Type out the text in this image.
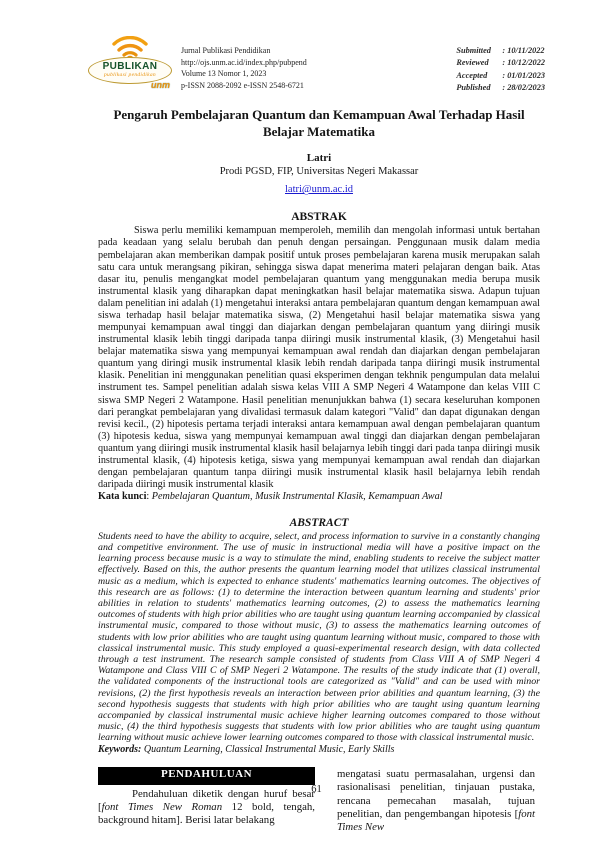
PUBLIKAN
publikasi pendidikan
unm
Jurnal Publikasi Pendidikan
http://ojs.unm.ac.id/index.php/pubpend
Volume 13 Nomor 1, 2023
p-ISSN 2088-2092 e-ISSN 2548-6721
Submitted	: 10/11/2022
Reviewed	: 10/12/2022
Accepted	: 01/01/2023
Published	: 28/02/2023
Pengaruh Pembelajaran Quantum dan Kemampuan Awal Terhadap Hasil Belajar Matematika
Latri
Prodi PGSD, FIP, Universitas Negeri Makassar
latri@unm.ac.id
ABSTRAK
Siswa perlu memiliki kemampuan memperoleh, memilih dan mengolah informasi untuk bertahan pada keadaan yang selalu berubah dan penuh dengan persaingan. Penggunaan musik dalam media pembelajaran akan memberikan dampak positif untuk proses pembelajaran karena musik merupakan salah satu cara untuk merangsang pikiran, sehingga siswa dapat menerima materi pelajaran dengan baik. Atas dasar itu, penulis mengangkat model pembelajaran quantum yang menggunakan media berupa musik instrumental klasik yang diharapkan dapat meningkatkan hasil belajar matematika siswa. Adapun tujuan dalam penelitian ini adalah (1) mengetahui interaksi antara pembelajaran quantum dengan kemampuan awal siswa terhadap hasil belajar matematika siswa, (2) Mengetahui hasil belajar matematika siswa yang mempunyai kemampuan awal tinggi dan diajarkan dengan pembelajaran quantum yang diiringi musik instrumental klasik lebih tinggi daripada tanpa diiringi musik instrumental klasik, (3) Mengetahui hasil belajar matematika siswa yang mempunyai kemampuan awal rendah dan diajarkan dengan pembelajaran quantum yang diringi musik instrumental klasik lebih rendah daripada tanpa diiringi musik instrumental klasik. Penelitian ini menggunakan penelitian quasi eksperimen dengan tekhnik pengumpulan data melalui instrument tes. Sampel penelitian adalah siswa kelas VIII A SMP Negeri 4 Watampone dan kelas VIII C siswa SMP Negeri 2 Watampone. Hasil penelitian menunjukkan bahwa (1) secara keseluruhan komponen dari perangkat pembelajaran yang divalidasi termasuk dalam kategori "Valid" dan dapat digunakan dengan revisi kecil., (2) hipotesis pertama terjadi interaksi antara kemampuan awal dengan pembelajaran quantum (3) hipotesis kedua, siswa yang mempunyai kemampuan awal tinggi dan diajarkan dengan pembelajaran quantum yang diiringi musik instrumental klasik hasil belajarnya lebih tinggi dari pada tanpa diiringi musik instrumental klasik, (4) hipotesis ketiga, siswa yang mempunyai kemampuan awal rendah dan diajarkan dengan pembelajaran quantum tanpa diiringi musik instrumental klasik hasil belajarnya lebih rendah daripada diiringi musik instrumental klasik
Kata kunci: Pembelajaran Quantum, Musik Instrumental Klasik, Kemampuan Awal
ABSTRACT
Students need to have the ability to acquire, select, and process information to survive in a constantly changing and competitive environment. The use of music in instructional media will have a positive impact on the learning process because music is a way to stimulate the mind, enabling students to receive the subject matter effectively. Based on this, the author presents the quantum learning model that utilizes classical instrumental music as a medium, which is expected to enhance students' mathematics learning outcomes. The objectives of this research are as follows: (1) to determine the interaction between quantum learning and students' prior abilities in relation to students' mathematics learning outcomes, (2) to assess the mathematics learning outcomes of students with high prior abilities who are taught using quantum learning accompanied by classical instrumental music, compared to those without music, (3) to assess the mathematics learning outcomes of students with low prior abilities who are taught using quantum learning without music, compared to those with classical instrumental music. This study employed a quasi-experimental research design, with data collected through a test instrument. The research sample consisted of students from Class VIII A of SMP Negeri 4 Watampone and Class VIII C of SMP Negeri 2 Watampone. The results of the study indicate that (1) overall, the validated components of the instructional tools are categorized as "Valid" and can be used with minor revisions, (2) the first hypothesis reveals an interaction between prior abilities and quantum learning, (3) the second hypothesis suggests that students with high prior abilities who are taught using quantum learning accompanied by classical instrumental music achieve higher learning outcomes compared to those without music, (4) the third hypothesis suggests that students with low prior abilities who are taught using quantum learning without music achieve lower learning outcomes compared to those with classical instrumental music.
Keywords: Quantum Learning, Classical Instrumental Music, Early Skills
PENDAHULUAN
Pendahuluan diketik dengan huruf besar [font Times New Roman 12 bold, tengah, background hitam]. Berisi latar belakang
mengatasi suatu permasalahan, urgensi dan rasionalisasi penelitian, tinjauan pustaka, rencana pemecahan masalah, tujuan penelitian, dan pengembangan hipotesis [font Times New
61
